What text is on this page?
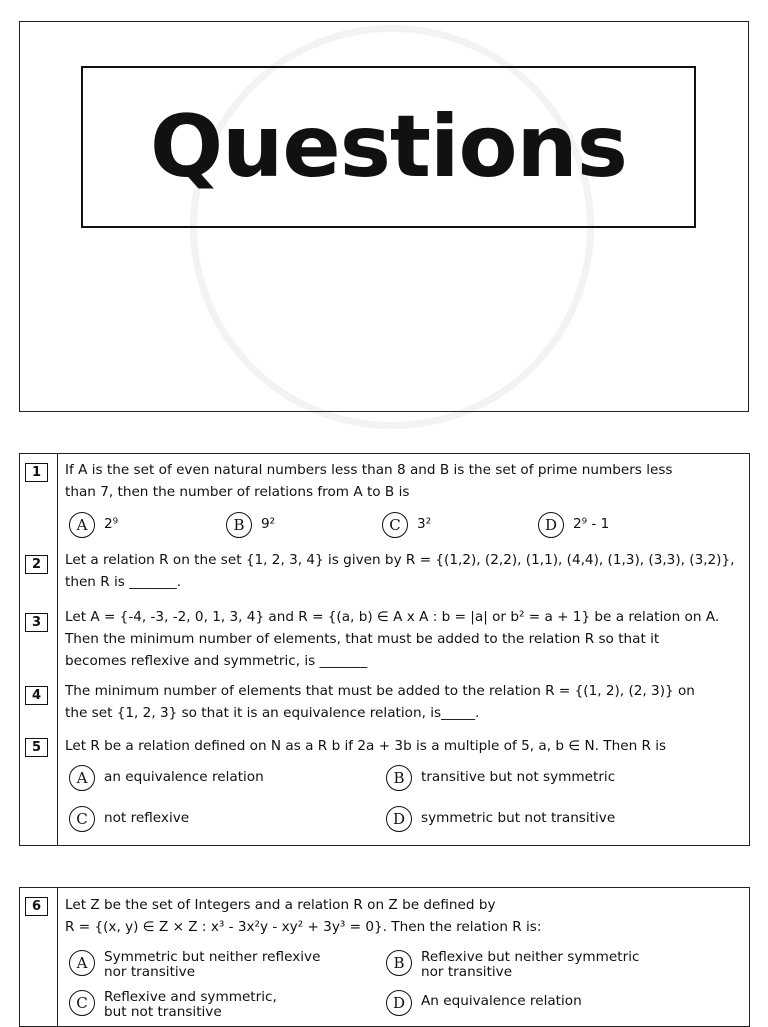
Questions
1	If A is the set of even natural numbers less than 8 and B is the set of prime numbers less
than 7, then the number of relations from A to B is
A	2⁹	B	9²	C	3²	D	2⁹ - 1
2	Let a relation R on the set {1, 2, 3, 4} is given by R = {(1,2), (2,2), (1,1), (4,4), (1,3), (3,3), (3,2)},
then R is _______.
3	Let A = {-4, -3, -2, 0, 1, 3, 4} and R = {(a, b) ∈ A x A : b = |a| or b² = a + 1} be a relation on A.
Then the minimum number of elements, that must be added to the relation R so that it
becomes reflexive and symmetric, is _______
4	The minimum number of elements that must be added to the relation R = {(1, 2), (2, 3)} on
the set {1, 2, 3} so that it is an equivalence relation, is_____.
5	Let R be a relation defined on N as a R b if 2a + 3b is a multiple of 5, a, b ∈ N. Then R is
A	an equivalence relation	B	transitive but not symmetric
C	not reflexive	D	symmetric but not transitive
6	Let Z be the set of Integers and a relation R on Z be defined by
R = {(x, y) ∈ Z × Z : x³ - 3x²y - xy² + 3y³ = 0}. Then the relation R is:
A	Symmetric but neither reflexive
nor transitive
B	Reflexive but neither symmetric
nor transitive
C	Reflexive and symmetric,
but not transitive
D	An equivalence relation
